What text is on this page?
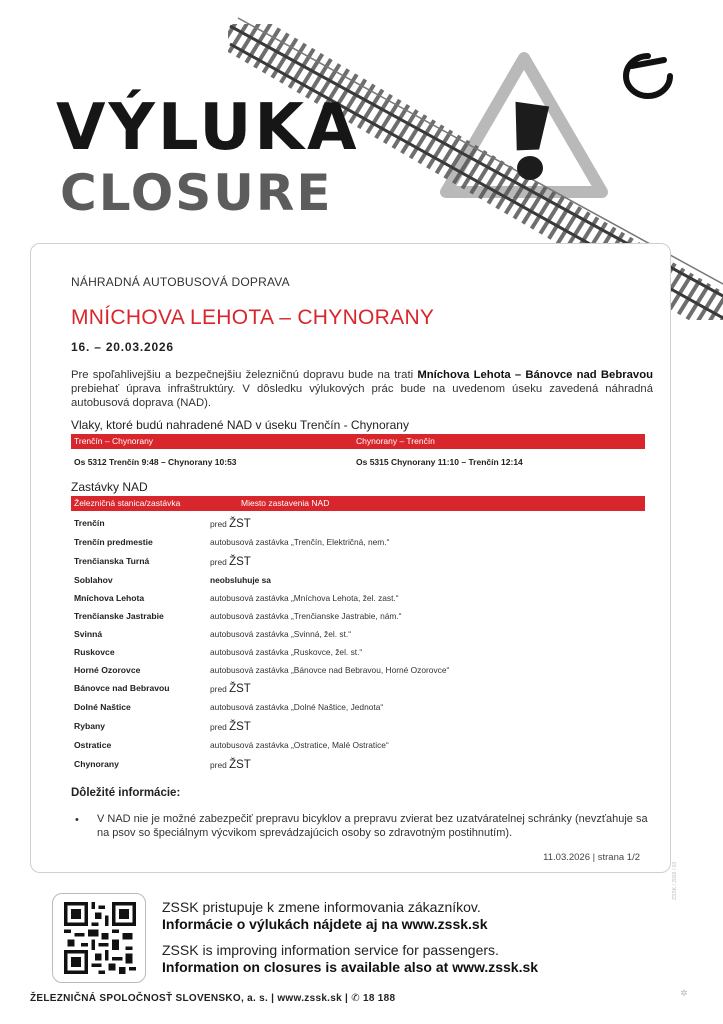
VÝLUKA
CLOSURE
NÁHRADNÁ AUTOBUSOVÁ DOPRAVA
MNÍCHOVA LEHOTA – CHYNORANY
16. – 20.03.2026
Pre spoľahlivejšiu a bezpečnejšiu železničnú dopravu bude na trati Mníchova Lehota – Bánovce nad Bebravou prebiehať úprava infraštruktúry. V dôsledku výlukových prác bude na uvedenom úseku zavedená náhradná autobusová doprava (NAD).
Vlaky, ktoré budú nahradené NAD v úseku Trenčín - Chynorany
Trenčín – Chynorany	Chynorany – Trenčín
Os 5312 Trenčín 9:48 – Chynorany 10:53	Os 5315 Chynorany 11:10 – Trenčín 12:14
Zastávky NAD
Železničná stanica/zastávka	Miesto zastavenia NAD
Trenčín	pred ŽST
Trenčín predmestie	autobusová zastávka „Trenčín, Električná, nem.“
Trenčianska Turná	pred ŽST
Soblahov	neobsluhuje sa
Mníchova Lehota	autobusová zastávka „Mníchova Lehota, žel. zast.“
Trenčianske Jastrabie	autobusová zastávka „Trenčianske Jastrabie, nám.“
Svinná	autobusová zastávka „Svinná, žel. st.“
Ruskovce	autobusová zastávka „Ruskovce, žel. st.“
Horné Ozorovce	autobusová zastávka „Bánovce nad Bebravou, Horné Ozorovce“
Bánovce nad Bebravou	pred ŽST
Dolné Naštice	autobusová zastávka „Dolné Naštice, Jednota“
Rybany	pred ŽST
Ostratice	autobusová zastávka „Ostratice, Malé Ostratice“
Chynorany	pred ŽST
Dôležité informácie:
• V NAD nie je možné zabezpečiť prepravu bicyklov a prepravu zvierat bez uzatváratelnej schránky (nevzťahuje sa na psov so špeciálnym výcvikom sprevádzajúcich osoby so zdravotným postihnutím).
11.03.2026 | strana 1/2
ZSSK pristupuje k zmene informovania zákazníkov.
Informácie o výlukách nájdete aj na www.zssk.sk
ZSSK is improving information service for passengers.
Information on closures is available also at www.zssk.sk
ŽELEZNIČNÁ SPOLOČNOSŤ SLOVENSKO, a. s. | www.zssk.sk | ✆ 18 188
ZSSK / 2026 / 03
✲
